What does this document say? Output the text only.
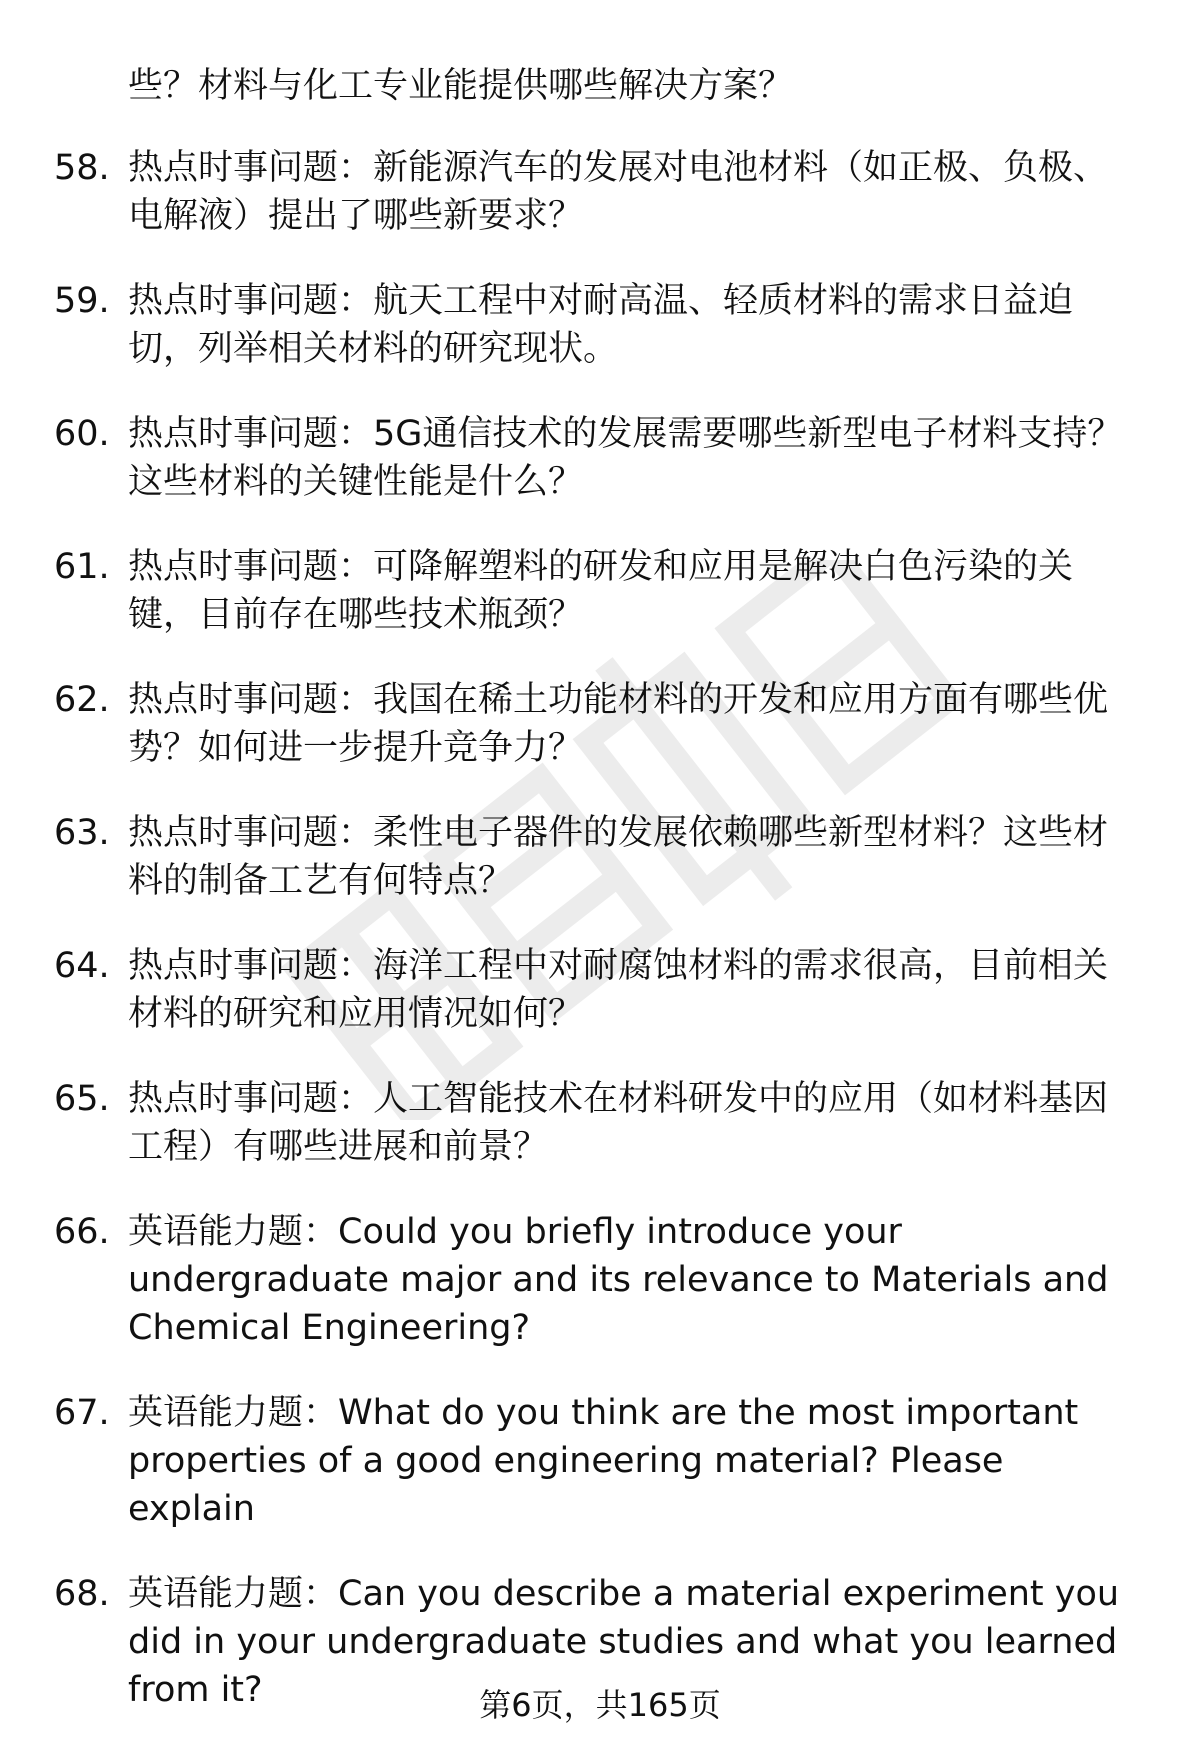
些？材料与化工专业能提供哪些解决方案？
58. 热点时事问题：新能源汽车的发展对电池材料（如正极、负极、电解液）提出了哪些新要求？
59. 热点时事问题：航天工程中对耐高温、轻质材料的需求日益迫切，列举相关材料的研究现状。
60. 热点时事问题：5G通信技术的发展需要哪些新型电子材料支持？这些材料的关键性能是什么？
61. 热点时事问题：可降解塑料的研发和应用是解决白色污染的关键，目前存在哪些技术瓶颈？
62. 热点时事问题：我国在稀土功能材料的开发和应用方面有哪些优势？如何进一步提升竞争力？
63. 热点时事问题：柔性电子器件的发展依赖哪些新型材料？这些材料的制备工艺有何特点？
64. 热点时事问题：海洋工程中对耐腐蚀材料的需求很高，目前相关材料的研究和应用情况如何？
65. 热点时事问题：人工智能技术在材料研发中的应用（如材料基因工程）有哪些进展和前景？
66. 英语能力题：Could you briefly introduce your undergraduate major and its relevance to Materials and Chemical Engineering?
67. 英语能力题：What do you think are the most important properties of a good engineering material? Please explain
68. 英语能力题：Can you describe a material experiment you did in your undergraduate studies and what you learned from it?	第6页，共165页
